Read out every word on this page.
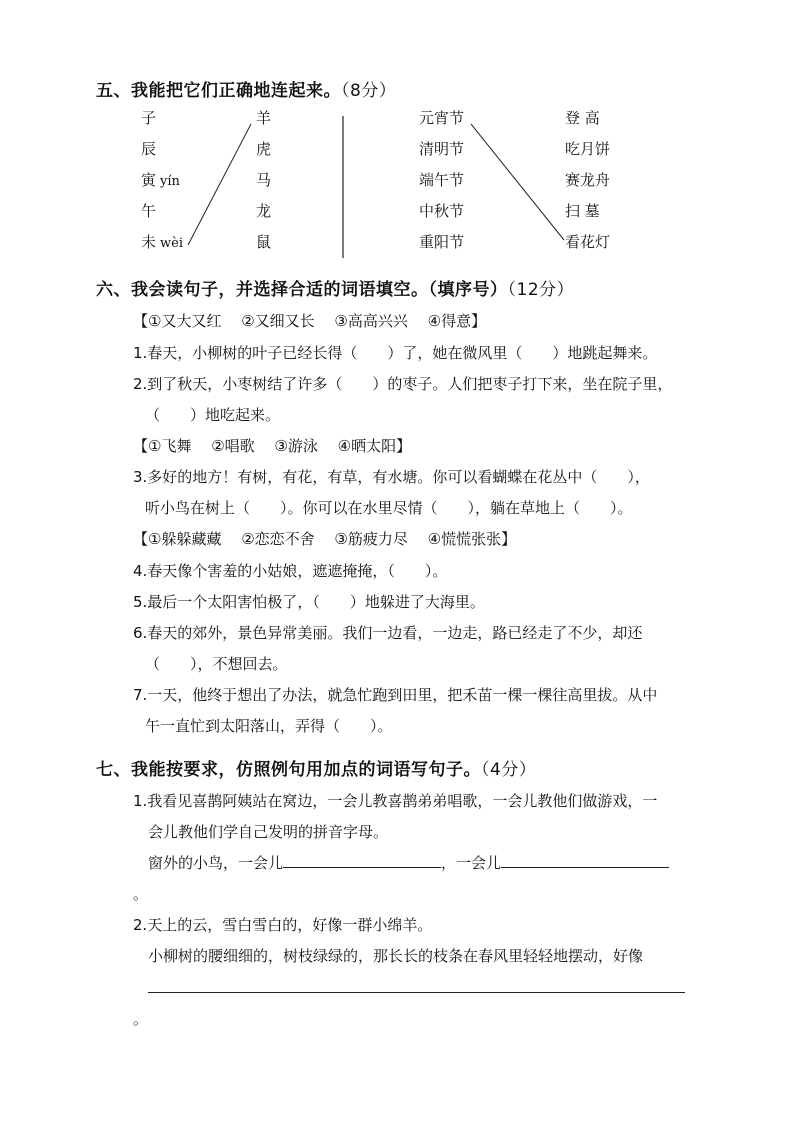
五、我能把它们正确地连起来。（8分）
子
辰
寅 yín
午
未 wèi
羊
虎
马
龙
鼠
元宵节
清明节
端午节
中秋节
重阳节
登 高
吃月饼
赛龙舟
扫 墓
看花灯
六、我会读句子，并选择合适的词语填空。（填序号）（12分）
【①又大又红　 ②又细又长　 ③高高兴兴　 ④得意】
1.春天，小柳树的叶子已经长得（　　）了，她在微风里（　　）地跳起舞来。
2.到了秋天，小枣树结了许多（　　）的枣子。人们把枣子打下来，坐在院子里，
（　　）地吃起来。
【①飞舞　 ②唱歌　 ③游泳　 ④晒太阳】
3.多好的地方！有树，有花，有草，有水塘。你可以看蝴蝶在花丛中（　　），
听小鸟在树上（　　）。你可以在水里尽情（　　），躺在草地上（　　）。
【①躲躲藏藏　 ②恋恋不舍　 ③筋疲力尽　 ④慌慌张张】
4.春天像个害羞的小姑娘，遮遮掩掩，（　　）。
5.最后一个太阳害怕极了，（　　）地躲进了大海里。
6.春天的郊外，景色异常美丽。我们一边看，一边走，路已经走了不少，却还
（　　），不想回去。
7.一天，他终于想出了办法，就急忙跑到田里，把禾苗一棵一棵往高里拔。从中
午一直忙到太阳落山，弄得（　　）。
七、我能按要求，仿照例句用加点的词语写句子。（4分）
1.我看见喜鹊阿姨站在窝边，一会儿教喜鹊弟弟唱歌，一会儿教他们做游戏，一
会儿教他们学自己发明的拼音字母。
窗外的小鸟，一会儿	，一会儿
。
2.天上的云，雪白雪白的，好像一群小绵羊。
小柳树的腰细细的，树枝绿绿的，那长长的枝条在春风里轻轻地摆动，好像
。
